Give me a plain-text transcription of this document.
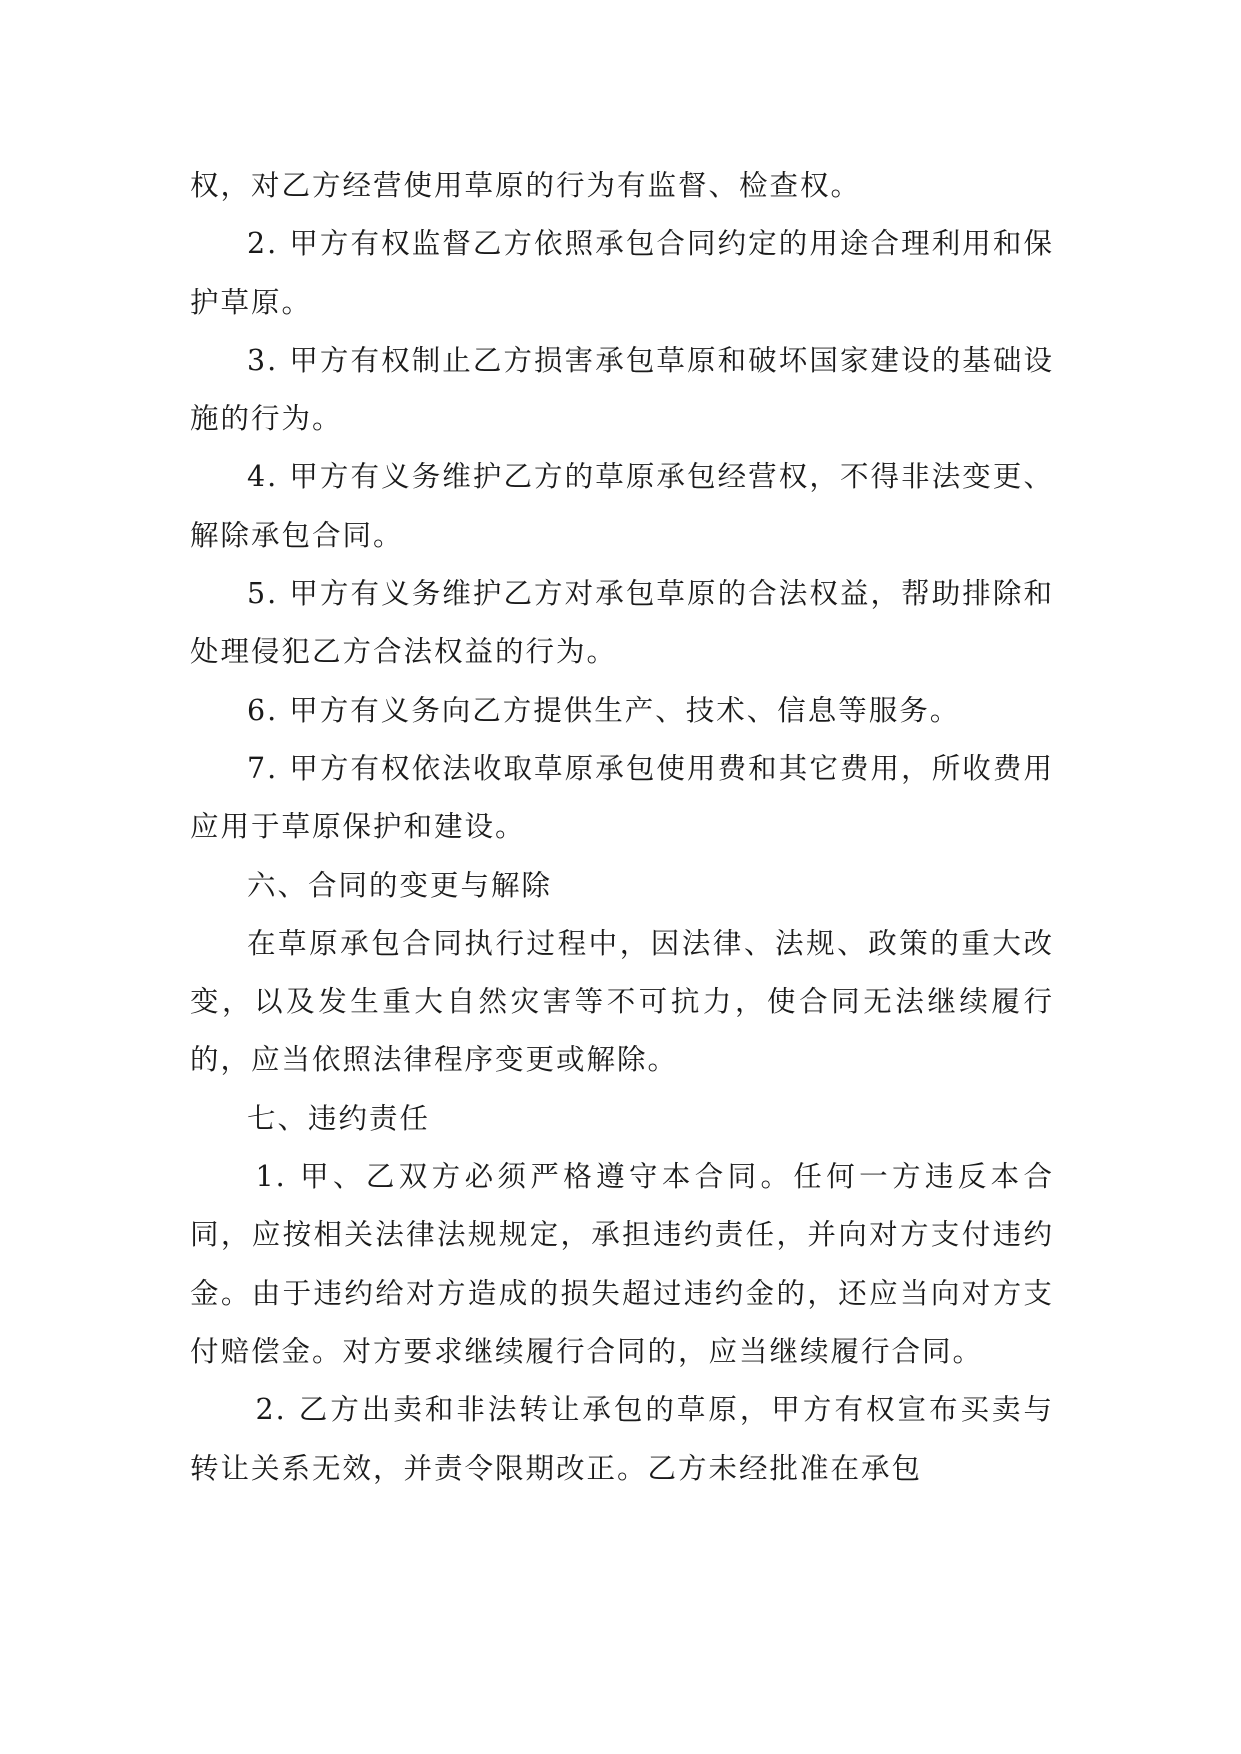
权，对乙方经营使用草原的行为有监督、检查权。

2. 甲方有权监督乙方依照承包合同约定的用途合理利用和保护草原。

3. 甲方有权制止乙方损害承包草原和破坏国家建设的基础设施的行为。

4. 甲方有义务维护乙方的草原承包经营权，不得非法变更、解除承包合同。

5. 甲方有义务维护乙方对承包草原的合法权益，帮助排除和处理侵犯乙方合法权益的行为。

6. 甲方有义务向乙方提供生产、技术、信息等服务。

7. 甲方有权依法收取草原承包使用费和其它费用，所收费用应用于草原保护和建设。

六、合同的变更与解除

在草原承包合同执行过程中，因法律、法规、政策的重大改变，以及发生重大自然灾害等不可抗力，使合同无法继续履行的，应当依照法律程序变更或解除。

七、违约责任

1. 甲、乙双方必须严格遵守本合同。任何一方违反本合同，应按相关法律法规规定，承担违约责任，并向对方支付违约金。由于违约给对方造成的损失超过违约金的，还应当向对方支付赔偿金。对方要求继续履行合同的，应当继续履行合同。

2. 乙方出卖和非法转让承包的草原，甲方有权宣布买卖与转让关系无效，并责令限期改正。乙方未经批准在承包
